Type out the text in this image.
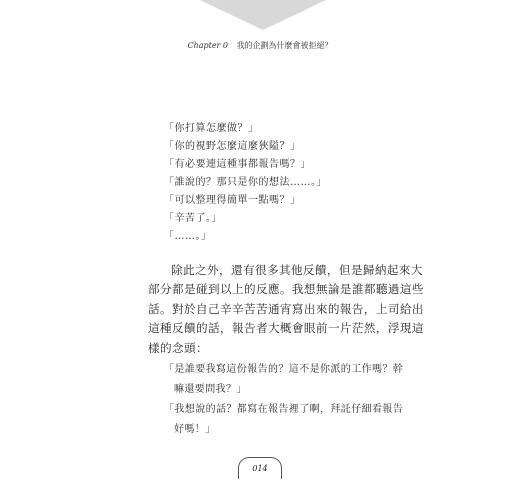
Chapter 0 我的企劃為什麼會被拒絕？
「你打算怎麼做？」
「你的視野怎麼這麼狹隘？」
「有必要連這種事都報告嗎？」
「誰說的？那只是你的想法……。」
「可以整理得簡單一點嗎？」
「辛苦了。」
「……。」
除此之外，還有很多其他反饋，但是歸納起來大
部分都是碰到以上的反應。我想無論是誰都聽過這些
話。對於自己辛辛苦苦通宵寫出來的報告，上司給出
這種反饋的話，報告者大概會眼前一片茫然，浮現這
樣的念頭：
「是誰要我寫這份報告的？這不是你派的工作嗎？幹
嘛還要問我？」
「我想說的話？都寫在報告裡了啊，拜託仔細看報告
好嗎！」
014
